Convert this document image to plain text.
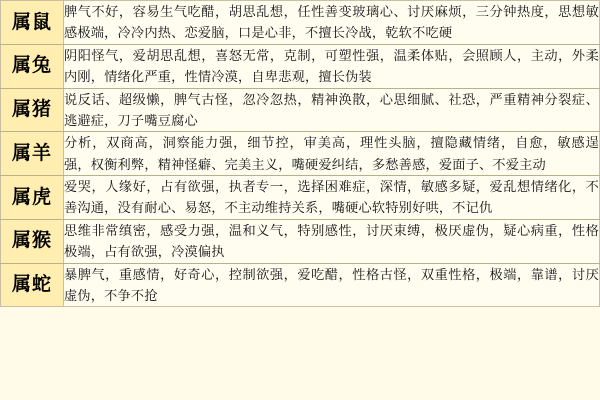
属鼠	脾气不好，容易生气吃醋，胡思乱想，任性善变玻璃心、讨厌麻烦，三分钟热度，思想敏感极端，冷冷内热、恋爱脑，口是心非，不擅长冷战，乾软不吃硬

属兔	阴阳怪气，爱胡思乱想，喜怒无常，克制，可塑性强，温柔体贴，会照顾人，主动，外柔内刚，情绪化严重，性情冷漠，自卑悲观，擅长伪装

属猪	说反话、超级懒，脾气古怪，忽冷忽热，精神涣散，心思细腻、社恐，严重精神分裂症、逃避症，刀子嘴豆腐心

属羊	分析，双商高，洞察能力强，细节控，审美高，理性头脑，擅隐藏情绪，自愈，敏感逞强，权衡利弊，精神怪癖、完美主义，嘴硬爱纠结，多愁善感，爱面子、不爱主动

属虎	爱哭，人缘好，占有欲强，执者专一，选择困难症，深情，敏感多疑，爱乱想情绪化，不善沟通，没有耐心、易怒，不主动维持关系，嘴硬心软特别好哄，不记仇

属猴	思维非常缜密，感受力强，温和义气，特别感性，讨厌束缚，极厌虚伪，疑心病重，性格极端，占有欲强，冷漠偏执

属蛇	暴脾气，重感情，好奇心，控制欲强，爱吃醋，性格古怪，双重性格，极端，靠谱，讨厌虚伪，不争不抢
